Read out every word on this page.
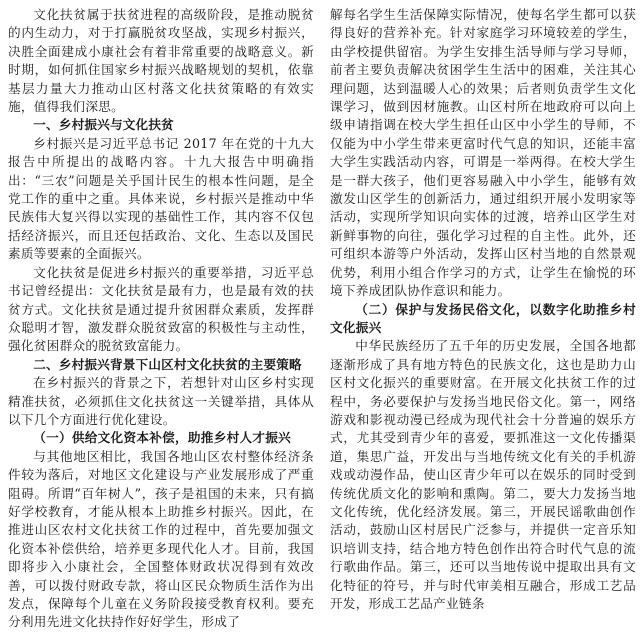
文化扶贫属于扶贫进程的高级阶段，是推动脱贫的内生动力，对于打赢脱贫攻坚战，实现乡村振兴，决胜全面建成小康社会有着非常重要的战略意义。新时期，如何抓住国家乡村振兴战略规划的契机，依靠基层力量大力推动山区村落文化扶贫策略的有效实施，值得我们深思。

一、乡村振兴与文化扶贫

乡村振兴是习近平总书记 2017 年在党的十九大报告中所提出的战略内容。十九大报告中明确指出：“三农”问题是关乎国计民生的根本性问题，是全党工作的重中之重。具体来说，乡村振兴是推动中华民族伟大复兴得以实现的基础性工作，其内容不仅包括经济振兴，而且还包括政治、文化、生态以及国民素质等要素的全面振兴。

文化扶贫是促进乡村振兴的重要举措，习近平总书记曾经提出：文化扶贫是最有力，也是最有效的扶贫方式。文化扶贫是通过提升贫困群众素质，发挥群众聪明才智，激发群众脱贫致富的积极性与主动性，强化贫困群众的脱贫致富能力。

二、乡村振兴背景下山区村文化扶贫的主要策略

在乡村振兴的背景之下，若想针对山区乡村实现精准扶贫，必须抓住文化扶贫这一关键举措，具体从以下几个方面进行优化建设。

（一）供给文化资本补偿，助推乡村人才振兴

与其他地区相比，我国各地山区农村整体经济条件较为落后，对地区文化建设与产业发展形成了严重阻碍。所谓“百年树人”，孩子是祖国的未来，只有搞好学校教育，才能从根本上助推乡村振兴。因此，在推进山区农村文化扶贫工作的过程中，首先要加强文化资本补偿供给，培养更多现代化人才。目前，我国即将步入小康社会，全国整体财政状况得到有效改善，可以拨付财政专款，将山区民众物质生活作为出发点，保障每个儿童在义务阶段接受教育权利。要充分利用先进文化扶持作好好学生，形成了

解每名学生生活保障实际情况，使每名学生都可以获得良好的营养补充。针对家庭学习环境较差的学生，由学校提供留宿。为学生安排生活导师与学习导师，前者主要负责解决贫困学生生活中的困难，关注其心理问题，达到温暖人心的效果；后者则负责学生文化课学习，做到因材施教。山区村所在地政府可以向上级申请指调在校大学生担任山区中小学生的导师，不仅能为中小学生带来更富时代气息的知识，还能丰富大学生实践活动内容，可谓是一举两得。在校大学生是一群大孩子，他们更容易融入中小学生，能够有效激发山区学生的创新活力，通过组织开展小发明家等活动，实现所学知识向实体的过渡，培养山区学生对新鲜事物的向往，强化学习过程的自主性。此外，还可组织本游等户外活动，发挥山区村当地的自然景观优势，利用小组合作学习的方式，让学生在愉悦的环境下养成团队协作意识和能力。

（二）保护与发扬民俗文化，以数字化助推乡村文化振兴

中华民族经历了五千年的历史发展，全国各地都逐渐形成了具有地方特色的民族文化，这也是助力山区村文化振兴的重要财富。在开展文化扶贫工作的过程中，务必要保护与发扬当地民俗文化。第一，网络游戏和影视动漫已经成为现代社会十分普遍的娱乐方式，尤其受到青少年的喜爱，要抓准这一文化传播渠道，集思广益，开发出与当地传统文化有关的手机游戏或动漫作品，使山区青少年可以在娱乐的同时受到传统优质文化的影响和熏陶。第二，要大力发扬当地文化传统，优化经济发展。第三，开展民谣歌曲创作活动，鼓励山区村居民广泛参与，并提供一定音乐知识培训支持，结合地方特色创作出符合时代气息的流行歌曲作品。第三，还可以当地传说中提取出具有文化特征的符号，并与时代审美相互融合，形成工艺品开发，形成工艺品产业链条
